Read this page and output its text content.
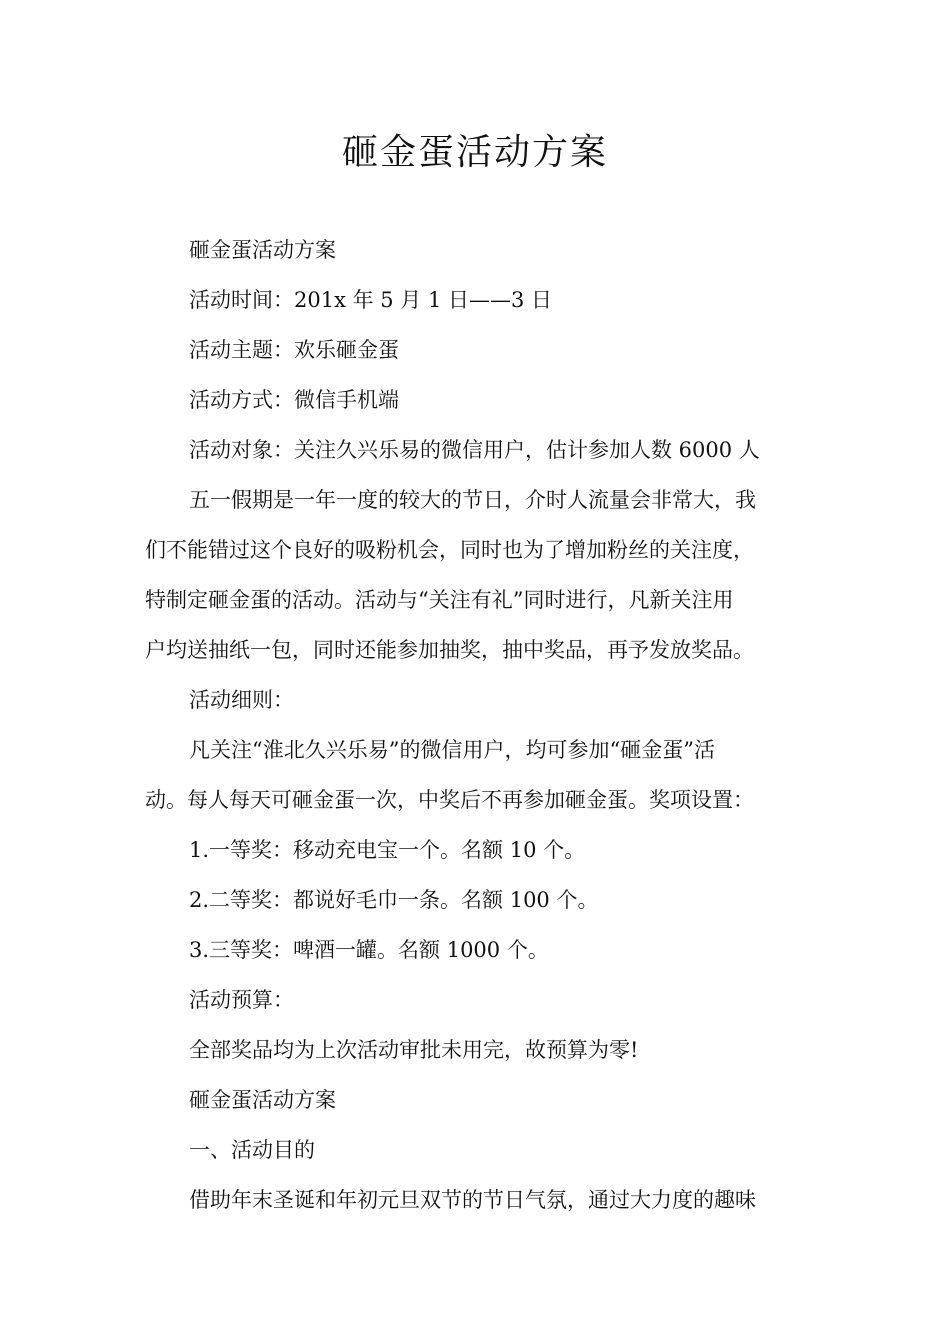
砸金蛋活动方案

砸金蛋活动方案

活动时间：201x 年 5 月 1 日——3 日

活动主题：欢乐砸金蛋

活动方式：微信手机端

活动对象：关注久兴乐易的微信用户，估计参加人数 6000 人

五一假期是一年一度的较大的节日，介时人流量会非常大，我

们不能错过这个良好的吸粉机会，同时也为了增加粉丝的关注度，

特制定砸金蛋的活动。活动与“关注有礼”同时进行，凡新关注用

户均送抽纸一包，同时还能参加抽奖，抽中奖品，再予发放奖品。

活动细则：

凡关注“淮北久兴乐易”的微信用户，均可参加“砸金蛋”活

动。每人每天可砸金蛋一次，中奖后不再参加砸金蛋。奖项设置：

1.一等奖：移动充电宝一个。名额 10 个。

2.二等奖：都说好毛巾一条。名额 100 个。

3.三等奖：啤酒一罐。名额 1000 个。

活动预算：

全部奖品均为上次活动审批未用完，故预算为零!

砸金蛋活动方案

一、活动目的

借助年末圣诞和年初元旦双节的节日气氛，通过大力度的趣味
